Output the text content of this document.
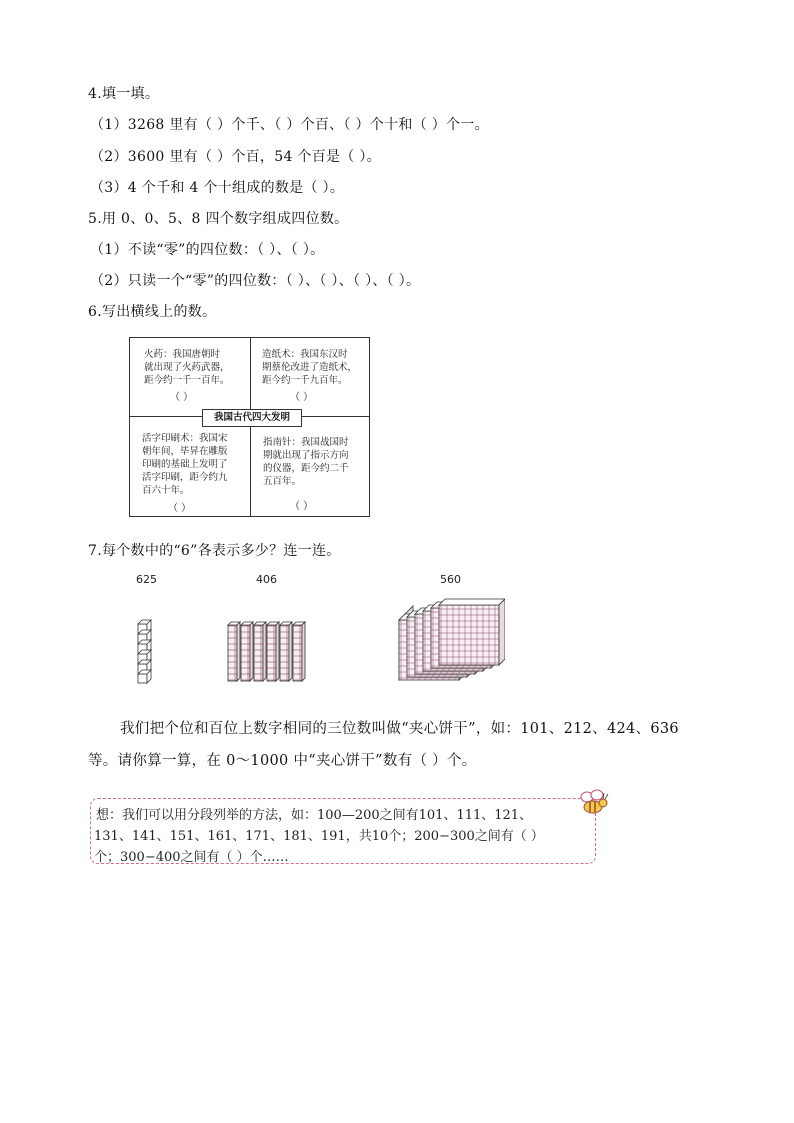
4.填一填。
（1）3268 里有（ ）个千、（ ）个百、（ ）个十和（ ）个一。
（2）3600 里有（ ）个百，54 个百是（ ）。
（3）4 个千和 4 个十组成的数是（ ）。
5.用 0、0、5、8 四个数字组成四位数。
（1）不读“零”的四位数：（ ）、（ ）。
（2）只读一个“零”的四位数：（ ）、（ ）、（ ）、（ ）。
6.写出横线上的数。
火药：我国唐朝时
就出现了火药武器，
距今约一千一百年。
（ ）
造纸术：我国东汉时
期蔡伦改进了造纸术，
距今约一千九百年。
（ ）
活字印刷术：我国宋
朝年间，毕昇在雕版
印刷的基础上发明了
活字印刷，距今约九
百六十年。
（ ）
指南针：我国战国时
期就出现了指示方向
的仪器，距今约二千
五百年。
（ ）
我国古代四大发明
7.每个数中的“6”各表示多少？连一连。
625	406	560
我们把个位和百位上数字相同的三位数叫做“夹心饼干”，如：101、212、424、636
等。请你算一算，在 0～1000 中“夹心饼干”数有（ ）个。
想：我们可以用分段列举的方法，如：100—200之间有101、111、121、
131、141、151、161、171、181、191，共10个；200−300之间有（ ）
个；300−400之间有（ ）个……
